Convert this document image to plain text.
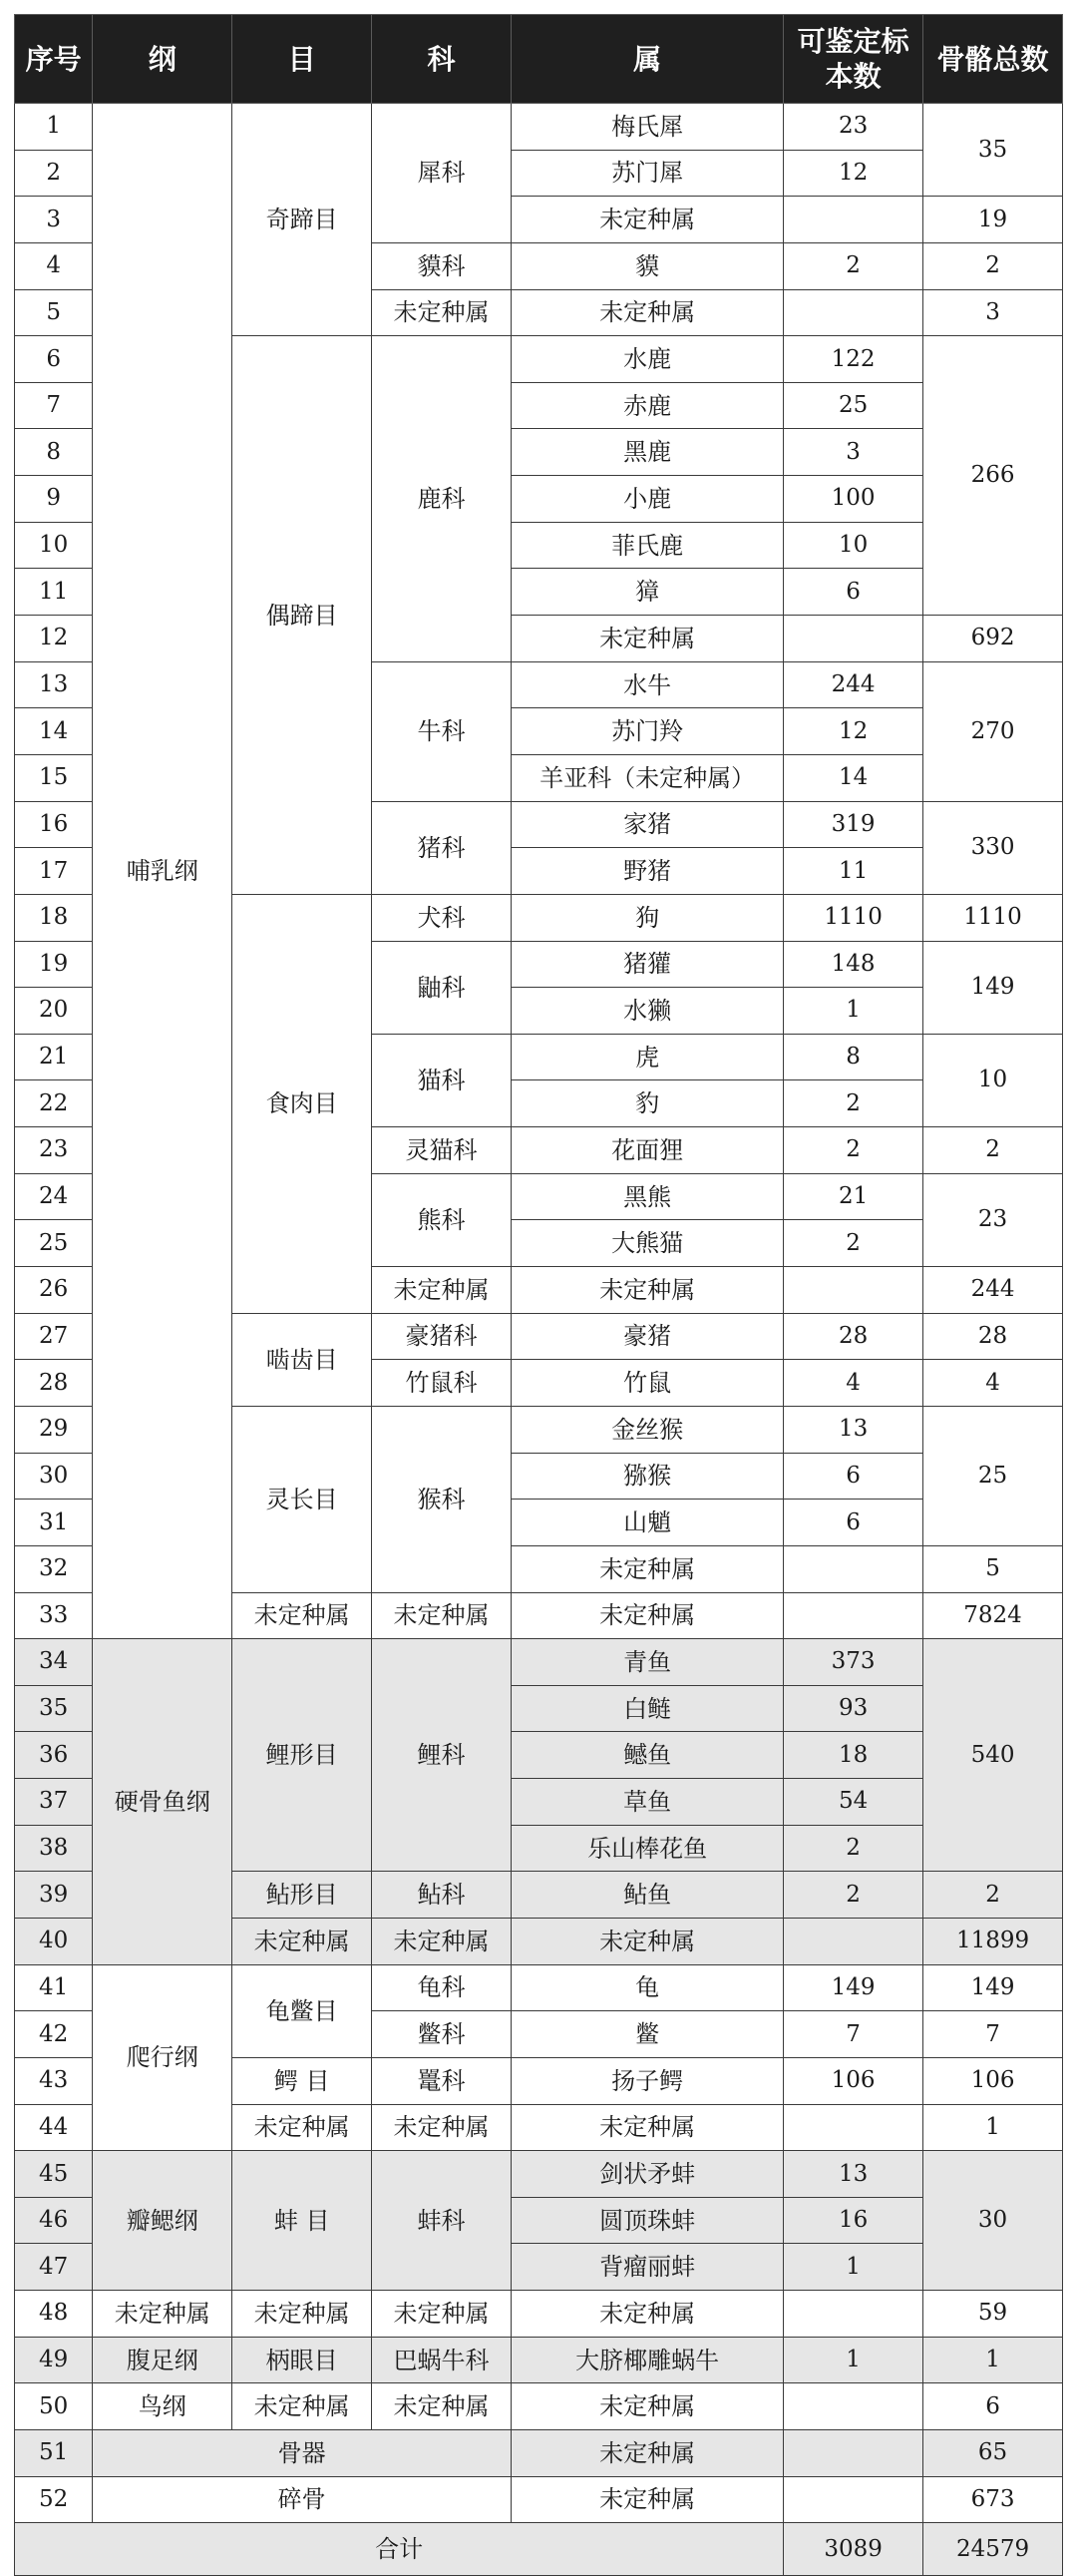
序号	纲	目	科	属	可鉴定标本数	骨骼总数
1	哺乳纲	奇蹄目	犀科	梅氏犀	23	35
2				苏门犀	12	
3				未定种属		19
4			貘科	貘	2	2
5			未定种属	未定种属		3
6		偶蹄目	鹿科	水鹿	122	266
7				赤鹿	25	
8				黑鹿	3	
9				小鹿	100	
10				菲氏鹿	10	
11				獐	6	
12				未定种属		692
13			牛科	水牛	244	270
14				苏门羚	12	
15				羊亚科（未定种属）	14	
16			猪科	家猪	319	330
17				野猪	11	
18		食肉目	犬科	狗	1110	1110
19			鼬科	猪獾	148	149
20				水獭	1	
21			猫科	虎	8	10
22				豹	2	
23			灵猫科	花面狸	2	2
24			熊科	黑熊	21	23
25				大熊猫	2	
26			未定种属	未定种属		244
27		啮齿目	豪猪科	豪猪	28	28
28			竹鼠科	竹鼠	4	4
29		灵长目	猴科	金丝猴	13	25
30				猕猴	6	
31				山魈	6	
32				未定种属		5
33		未定种属	未定种属	未定种属		7824
34	硬骨鱼纲	鲤形目	鲤科	青鱼	373	540
35				白鲢	93	
36				鳡鱼	18	
37				草鱼	54	
38				乐山棒花鱼	2	
39		鲇形目	鲇科	鲇鱼	2	2
40		未定种属	未定种属	未定种属		11899
41	爬行纲	龟鳖目	龟科	龟	149	149
42			鳖科	鳖	7	7
43		鳄 目	鼍科	扬子鳄	106	106
44		未定种属	未定种属	未定种属		1
45	瓣鳃纲	蚌 目	蚌科	剑状矛蚌	13	30
46				圆顶珠蚌	16	
47				背瘤丽蚌	1	
48	未定种属	未定种属	未定种属	未定种属		59
49	腹足纲	柄眼目	巴蜗牛科	大脐椰雕蜗牛	1	1
50	鸟纲	未定种属	未定种属	未定种属		6
51	骨器			未定种属		65
52	碎骨			未定种属		673
合计					3089	24579
